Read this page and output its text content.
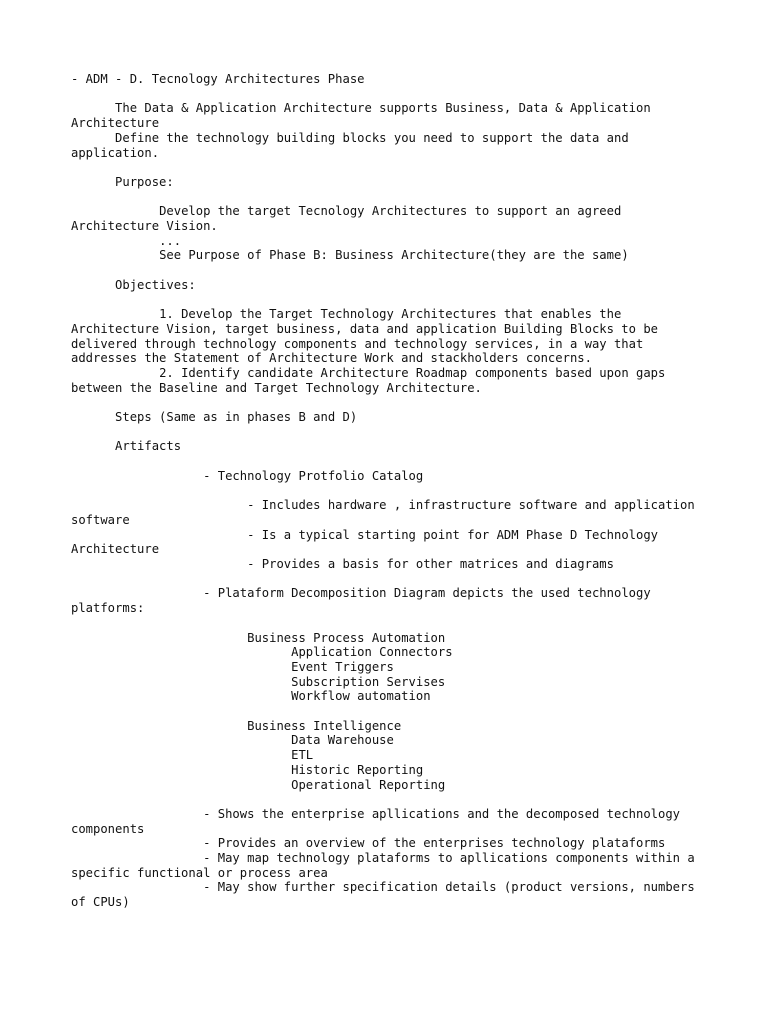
- ADM - D. Tecnology Architectures Phase
The Data & Application Architecture supports Business, Data & Application Architecture
Define the technology building blocks you need to support the data and application.
Purpose:
Develop the target Tecnology Architectures to support an agreed Architecture Vision.
...
See Purpose of Phase B: Business Architecture(they are the same)
Objectives:
1. Develop the Target Technology Architectures that enables the Architecture Vision, target business, data and application Building Blocks to be delivered through technology components and technology services, in a way that addresses the Statement of Architecture Work and stackholders concerns.
2. Identify candidate Architecture Roadmap components based upon gaps between the Baseline and Target Technology Architecture.
Steps (Same as in phases B and D)
Artifacts
- Technology Protfolio Catalog
- Includes hardware , infrastructure software and application software
- Is a typical starting point for ADM Phase D Technology Architecture
- Provides a basis for other matrices and diagrams
- Plataform Decomposition Diagram depicts the used technology platforms:
Business Process Automation
Application Connectors
Event Triggers
Subscription Servises
Workflow automation
Business Intelligence
Data Warehouse
ETL
Historic Reporting
Operational Reporting
- Shows the enterprise apllications and the decomposed technology components
- Provides an overview of the enterprises technology plataforms
- May map technology plataforms to apllications components within a specific functional or process area
- May show further specification details (product versions, numbers of CPUs)
